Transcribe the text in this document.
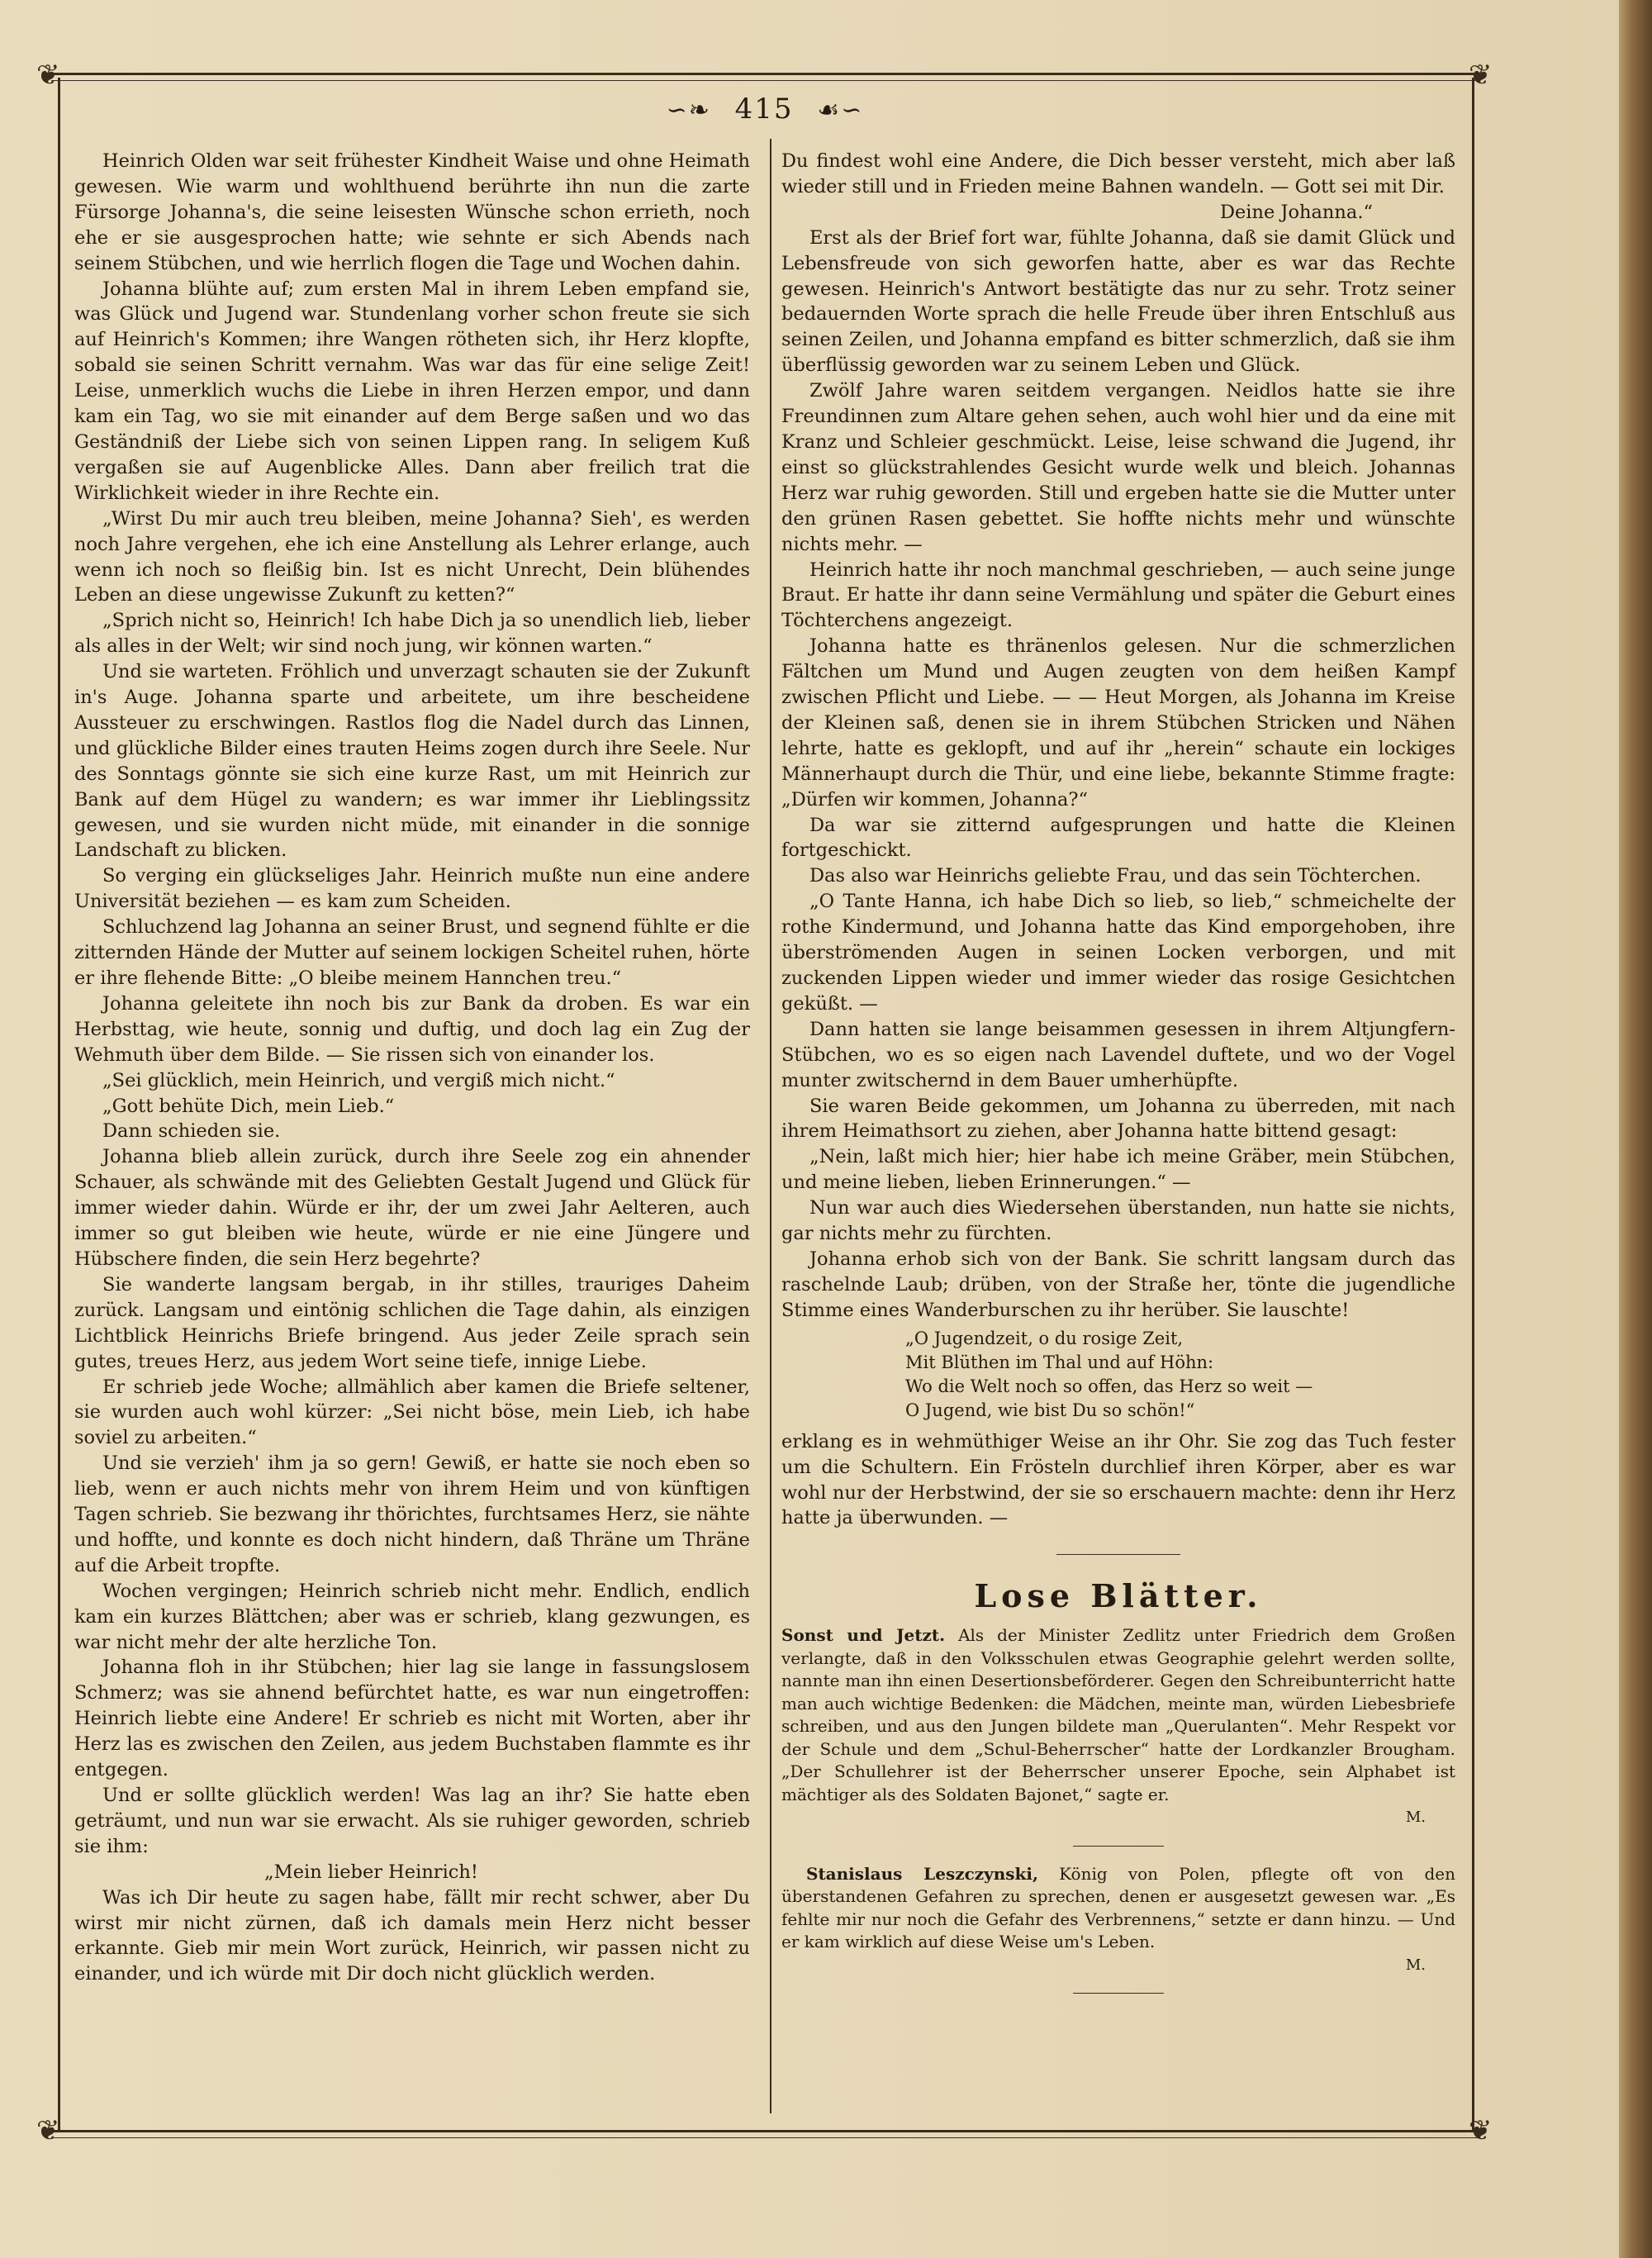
❦	❦
❦	❦
∽❧ 415 ☙∽

Heinrich Olden war seit frühester Kindheit Waise und ohne Heimath gewesen. Wie warm und wohlthuend berührte ihn nun die zarte Fürsorge Johanna's, die seine leisesten Wünsche schon errieth, noch ehe er sie ausgesprochen hatte; wie sehnte er sich Abends nach seinem Stübchen, und wie herrlich flogen die Tage und Wochen dahin.

Johanna blühte auf; zum ersten Mal in ihrem Leben empfand sie, was Glück und Jugend war. Stundenlang vorher schon freute sie sich auf Heinrich's Kommen; ihre Wangen rötheten sich, ihr Herz klopfte, sobald sie seinen Schritt vernahm. Was war das für eine selige Zeit! Leise, unmerklich wuchs die Liebe in ihren Herzen empor, und dann kam ein Tag, wo sie mit einander auf dem Berge saßen und wo das Geständniß der Liebe sich von seinen Lippen rang. In seligem Kuß vergaßen sie auf Augenblicke Alles. Dann aber freilich trat die Wirklichkeit wieder in ihre Rechte ein.

„Wirst Du mir auch treu bleiben, meine Johanna? Sieh', es werden noch Jahre vergehen, ehe ich eine Anstellung als Lehrer erlange, auch wenn ich noch so fleißig bin. Ist es nicht Unrecht, Dein blühendes Leben an diese ungewisse Zukunft zu ketten?“

„Sprich nicht so, Heinrich! Ich habe Dich ja so unendlich lieb, lieber als alles in der Welt; wir sind noch jung, wir können warten.“

Und sie warteten. Fröhlich und unverzagt schauten sie der Zukunft in's Auge. Johanna sparte und arbeitete, um ihre bescheidene Aussteuer zu erschwingen. Rastlos flog die Nadel durch das Linnen, und glückliche Bilder eines trauten Heims zogen durch ihre Seele. Nur des Sonntags gönnte sie sich eine kurze Rast, um mit Heinrich zur Bank auf dem Hügel zu wandern; es war immer ihr Lieblingssitz gewesen, und sie wurden nicht müde, mit einander in die sonnige Landschaft zu blicken.

So verging ein glückseliges Jahr. Heinrich mußte nun eine andere Universität beziehen — es kam zum Scheiden.

Schluchzend lag Johanna an seiner Brust, und segnend fühlte er die zitternden Hände der Mutter auf seinem lockigen Scheitel ruhen, hörte er ihre flehende Bitte: „O bleibe meinem Hannchen treu.“

Johanna geleitete ihn noch bis zur Bank da droben. Es war ein Herbsttag, wie heute, sonnig und duftig, und doch lag ein Zug der Wehmuth über dem Bilde. — Sie rissen sich von einander los.

„Sei glücklich, mein Heinrich, und vergiß mich nicht.“

„Gott behüte Dich, mein Lieb.“

Dann schieden sie.

Johanna blieb allein zurück, durch ihre Seele zog ein ahnender Schauer, als schwände mit des Geliebten Gestalt Jugend und Glück für immer wieder dahin. Würde er ihr, der um zwei Jahr Aelteren, auch immer so gut bleiben wie heute, würde er nie eine Jüngere und Hübschere finden, die sein Herz begehrte?

Sie wanderte langsam bergab, in ihr stilles, trauriges Daheim zurück. Langsam und eintönig schlichen die Tage dahin, als einzigen Lichtblick Heinrichs Briefe bringend. Aus jeder Zeile sprach sein gutes, treues Herz, aus jedem Wort seine tiefe, innige Liebe.

Er schrieb jede Woche; allmählich aber kamen die Briefe seltener, sie wurden auch wohl kürzer: „Sei nicht böse, mein Lieb, ich habe soviel zu arbeiten.“

Und sie verzieh' ihm ja so gern! Gewiß, er hatte sie noch eben so lieb, wenn er auch nichts mehr von ihrem Heim und von künftigen Tagen schrieb. Sie bezwang ihr thörichtes, furchtsames Herz, sie nähte und hoffte, und konnte es doch nicht hindern, daß Thräne um Thräne auf die Arbeit tropfte.

Wochen vergingen; Heinrich schrieb nicht mehr. Endlich, endlich kam ein kurzes Blättchen; aber was er schrieb, klang gezwungen, es war nicht mehr der alte herzliche Ton.

Johanna floh in ihr Stübchen; hier lag sie lange in fassungslosem Schmerz; was sie ahnend befürchtet hatte, es war nun eingetroffen: Heinrich liebte eine Andere! Er schrieb es nicht mit Worten, aber ihr Herz las es zwischen den Zeilen, aus jedem Buchstaben flammte es ihr entgegen.

Und er sollte glücklich werden! Was lag an ihr? Sie hatte eben geträumt, und nun war sie erwacht. Als sie ruhiger geworden, schrieb sie ihm:

„Mein lieber Heinrich!

Was ich Dir heute zu sagen habe, fällt mir recht schwer, aber Du wirst mir nicht zürnen, daß ich damals mein Herz nicht besser erkannte. Gieb mir mein Wort zurück, Heinrich, wir passen nicht zu einander, und ich würde mit Dir doch nicht glücklich werden.

Du findest wohl eine Andere, die Dich besser versteht, mich aber laß wieder still und in Frieden meine Bahnen wandeln. — Gott sei mit Dir.

Deine Johanna.“

Erst als der Brief fort war, fühlte Johanna, daß sie damit Glück und Lebensfreude von sich geworfen hatte, aber es war das Rechte gewesen. Heinrich's Antwort bestätigte das nur zu sehr. Trotz seiner bedauernden Worte sprach die helle Freude über ihren Entschluß aus seinen Zeilen, und Johanna empfand es bitter schmerzlich, daß sie ihm überflüssig geworden war zu seinem Leben und Glück.

Zwölf Jahre waren seitdem vergangen. Neidlos hatte sie ihre Freundinnen zum Altare gehen sehen, auch wohl hier und da eine mit Kranz und Schleier geschmückt. Leise, leise schwand die Jugend, ihr einst so glückstrahlendes Gesicht wurde welk und bleich. Johannas Herz war ruhig geworden. Still und ergeben hatte sie die Mutter unter den grünen Rasen gebettet. Sie hoffte nichts mehr und wünschte nichts mehr. —

Heinrich hatte ihr noch manchmal geschrieben, — auch seine junge Braut. Er hatte ihr dann seine Vermählung und später die Geburt eines Töchterchens angezeigt.

Johanna hatte es thränenlos gelesen. Nur die schmerzlichen Fältchen um Mund und Augen zeugten von dem heißen Kampf zwischen Pflicht und Liebe. — — Heut Morgen, als Johanna im Kreise der Kleinen saß, denen sie in ihrem Stübchen Stricken und Nähen lehrte, hatte es geklopft, und auf ihr „herein“ schaute ein lockiges Männerhaupt durch die Thür, und eine liebe, bekannte Stimme fragte: „Dürfen wir kommen, Johanna?“

Da war sie zitternd aufgesprungen und hatte die Kleinen fortgeschickt.

Das also war Heinrichs geliebte Frau, und das sein Töchterchen.

„O Tante Hanna, ich habe Dich so lieb, so lieb,“ schmeichelte der rothe Kindermund, und Johanna hatte das Kind emporgehoben, ihre überströmenden Augen in seinen Locken verborgen, und mit zuckenden Lippen wieder und immer wieder das rosige Gesichtchen geküßt. —

Dann hatten sie lange beisammen gesessen in ihrem Altjungfern-Stübchen, wo es so eigen nach Lavendel duftete, und wo der Vogel munter zwitschernd in dem Bauer umherhüpfte.

Sie waren Beide gekommen, um Johanna zu überreden, mit nach ihrem Heimathsort zu ziehen, aber Johanna hatte bittend gesagt:

„Nein, laßt mich hier; hier habe ich meine Gräber, mein Stübchen, und meine lieben, lieben Erinnerungen.“ —

Nun war auch dies Wiedersehen überstanden, nun hatte sie nichts, gar nichts mehr zu fürchten.

Johanna erhob sich von der Bank. Sie schritt langsam durch das raschelnde Laub; drüben, von der Straße her, tönte die jugendliche Stimme eines Wanderburschen zu ihr herüber. Sie lauschte!

„O Jugendzeit, o du rosige Zeit,
Mit Blüthen im Thal und auf Höhn:
Wo die Welt noch so offen, das Herz so weit —
O Jugend, wie bist Du so schön!“

erklang es in wehmüthiger Weise an ihr Ohr. Sie zog das Tuch fester um die Schultern. Ein Frösteln durchlief ihren Körper, aber es war wohl nur der Herbstwind, der sie so erschauern machte: denn ihr Herz hatte ja überwunden. —

Lose Blätter.

Sonst und Jetzt. Als der Minister Zedlitz unter Friedrich dem Großen verlangte, daß in den Volksschulen etwas Geographie gelehrt werden sollte, nannte man ihn einen Desertionsbeförderer. Gegen den Schreibunterricht hatte man auch wichtige Bedenken: die Mädchen, meinte man, würden Liebesbriefe schreiben, und aus den Jungen bildete man „Querulanten“. Mehr Respekt vor der Schule und dem „Schul-Beherrscher“ hatte der Lordkanzler Brougham. „Der Schullehrer ist der Beherrscher unserer Epoche, sein Alphabet ist mächtiger als des Soldaten Bajonet,“ sagte er.

M.

Stanislaus Leszczynski, König von Polen, pflegte oft von den überstandenen Gefahren zu sprechen, denen er ausgesetzt gewesen war. „Es fehlte mir nur noch die Gefahr des Verbrennens,“ setzte er dann hinzu. — Und er kam wirklich auf diese Weise um's Leben.

M.
